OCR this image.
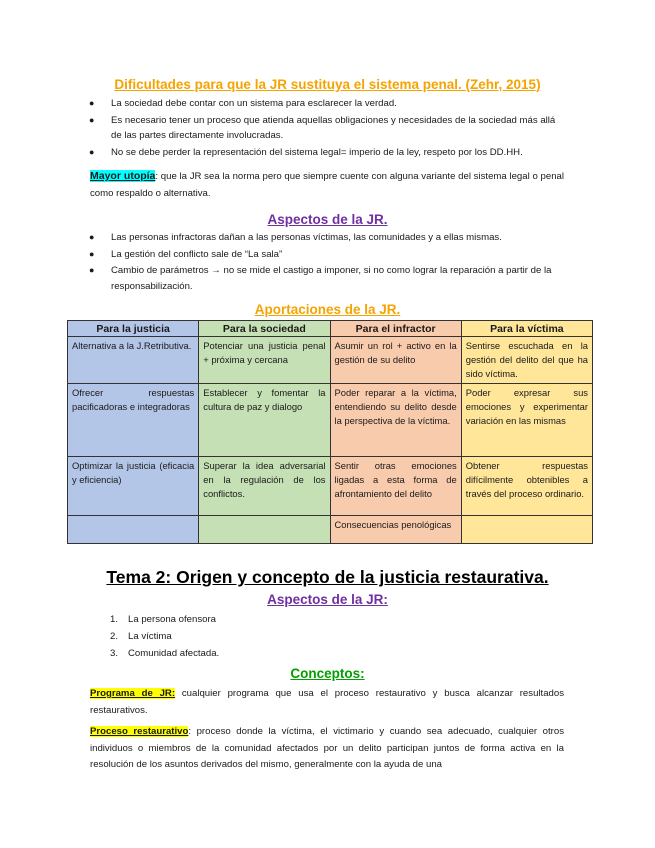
Dificultades para que la JR sustituya el sistema penal. (Zehr, 2015)
● La sociedad debe contar con un sistema para esclarecer la verdad.
● Es necesario tener un proceso que atienda aquellas obligaciones y necesidades de la sociedad más allá de las partes directamente involucradas.
● No se debe perder la representación del sistema legal= imperio de la ley, respeto por los DD.HH.
Mayor utopía: que la JR sea la norma pero que siempre cuente con alguna variante del sistema legal o penal como respaldo o alternativa.
Aspectos de la JR.
● Las personas infractoras dañan a las personas víctimas, las comunidades y a ellas mismas.
● La gestión del conflicto sale de “La sala”
● Cambio de parámetros → no se mide el castigo a imponer, si no como lograr la reparación a partir de la responsabilización.
Aportaciones de la JR.
Para la justicia	Para la sociedad	Para el infractor	Para la víctima
Alternativa a la J.Retributiva.	Potenciar una justicia penal + próxima y cercana	Asumir un rol + activo en la gestión de su delito	Sentirse escuchada en la gestión del delito del que ha sido víctima.
Ofrecer respuestas pacificadoras e integradoras	Establecer y fomentar la cultura de paz y dialogo	Poder reparar a la víctima, entendiendo su delito desde la perspectiva de la víctima.	Poder expresar sus emociones y experimentar variación en las mismas
Optimizar la justicia (eficacia y eficiencia)	Superar la idea adversarial en la regulación de los conflictos.	Sentir otras emociones ligadas a esta forma de afrontamiento del delito	Obtener respuestas difícilmente obtenibles a través del proceso ordinario.
		Consecuencias penológicas	
Tema 2: Origen y concepto de la justicia restaurativa.
Aspectos de la JR:
1. La persona ofensora
2. La víctima
3. Comunidad afectada.
Conceptos:
Programa de JR: cualquier programa que usa el proceso restaurativo y busca alcanzar resultados restaurativos.
Proceso restaurativo: proceso donde la víctima, el victimario y cuando sea adecuado, cualquier otros individuos o miembros de la comunidad afectados por un delito participan juntos de forma activa en la resolución de los asuntos derivados del mismo, generalmente con la ayuda de una
